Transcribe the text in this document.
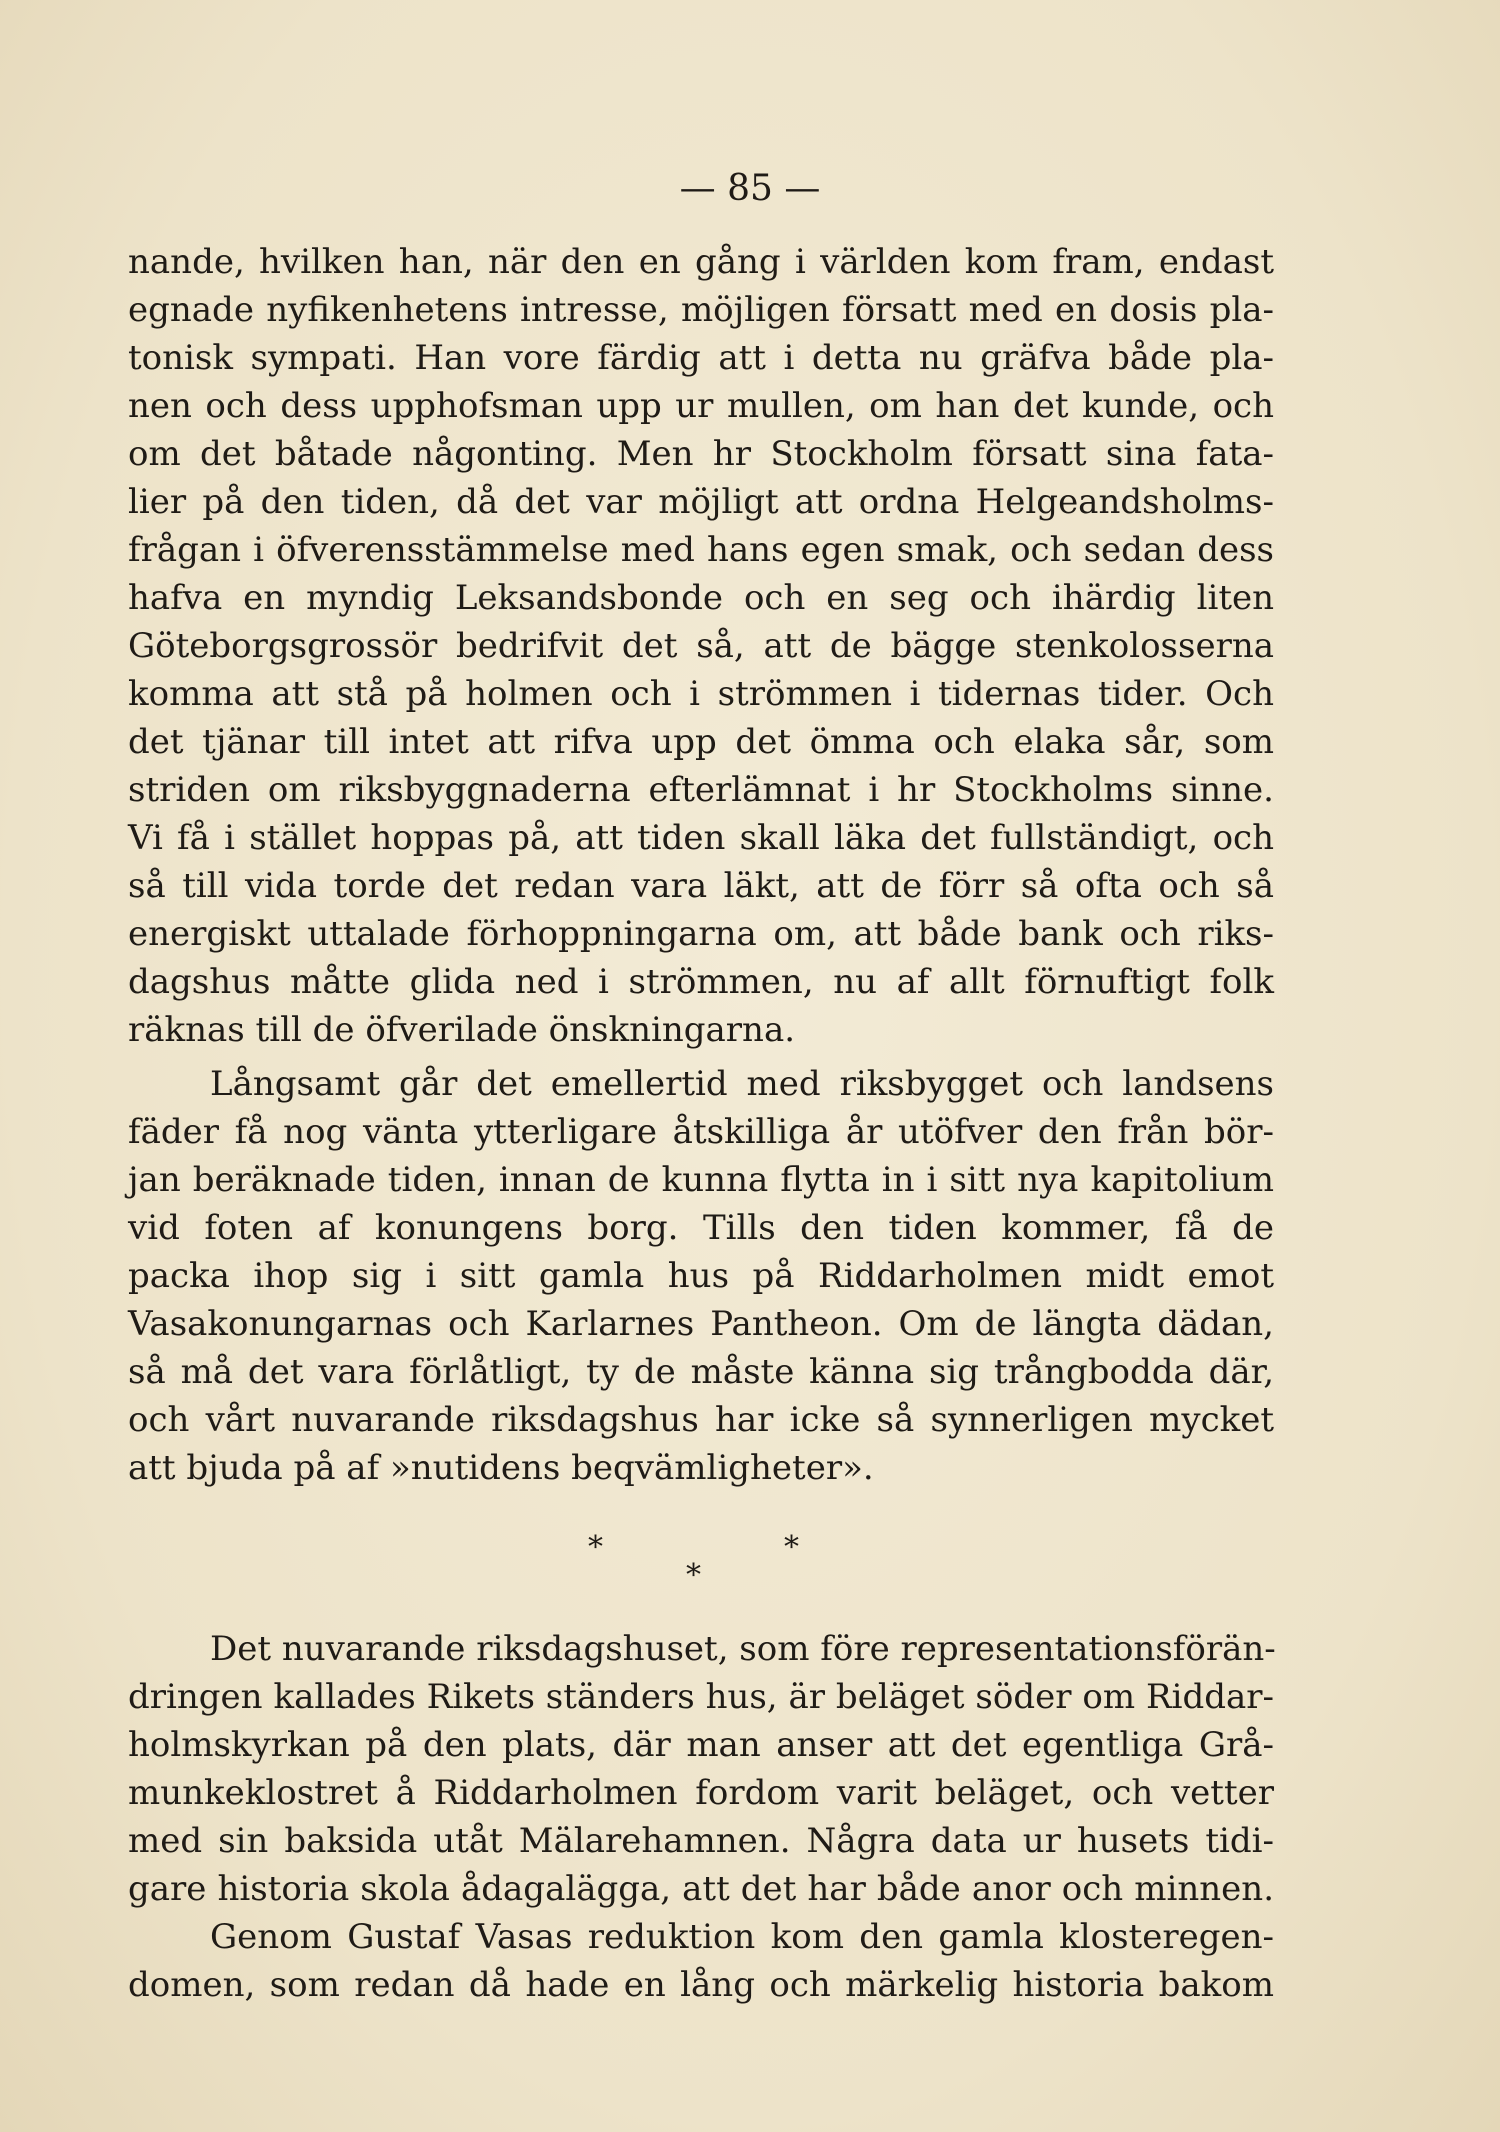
— 85 —
nande, hvilken han, när den en gång i världen kom fram, endast
egnade nyfikenhetens intresse, möjligen försatt med en dosis pla-
tonisk sympati. Han vore färdig att i detta nu gräfva både pla-
nen och dess upphofsman upp ur mullen, om han det kunde, och
om det båtade någonting. Men hr Stockholm försatt sina fata-
lier på den tiden, då det var möjligt att ordna Helgeandsholms-
frågan i öfverensstämmelse med hans egen smak, och sedan dess
hafva en myndig Leksandsbonde och en seg och ihärdig liten
Göteborgsgrossör bedrifvit det så, att de bägge stenkolosserna
komma att stå på holmen och i strömmen i tidernas tider. Och
det tjänar till intet att rifva upp det ömma och elaka sår, som
striden om riksbyggnaderna efterlämnat i hr Stockholms sinne.
Vi få i stället hoppas på, att tiden skall läka det fullständigt, och
så till vida torde det redan vara läkt, att de förr så ofta och så
energiskt uttalade förhoppningarna om, att både bank och riks-
dagshus måtte glida ned i strömmen, nu af allt förnuftigt folk
räknas till de öfverilade önskningarna.
Långsamt går det emellertid med riksbygget och landsens
fäder få nog vänta ytterligare åtskilliga år utöfver den från bör-
jan beräknade tiden, innan de kunna flytta in i sitt nya kapitolium
vid foten af konungens borg. Tills den tiden kommer, få de
packa ihop sig i sitt gamla hus på Riddarholmen midt emot
Vasakonungarnas och Karlarnes Pantheon. Om de längta dädan,
så må det vara förlåtligt, ty de måste känna sig trångbodda där,
och vårt nuvarande riksdagshus har icke så synnerligen mycket
att bjuda på af »nutidens beqvämligheter».
*	*
*
Det nuvarande riksdagshuset, som före representationsförän-
dringen kallades Rikets ständers hus, är beläget söder om Riddar-
holmskyrkan på den plats, där man anser att det egentliga Grå-
munkeklostret å Riddarholmen fordom varit beläget, och vetter
med sin baksida utåt Mälarehamnen. Några data ur husets tidi-
gare historia skola ådagalägga, att det har både anor och minnen.
Genom Gustaf Vasas reduktion kom den gamla klosteregen-
domen, som redan då hade en lång och märkelig historia bakom
